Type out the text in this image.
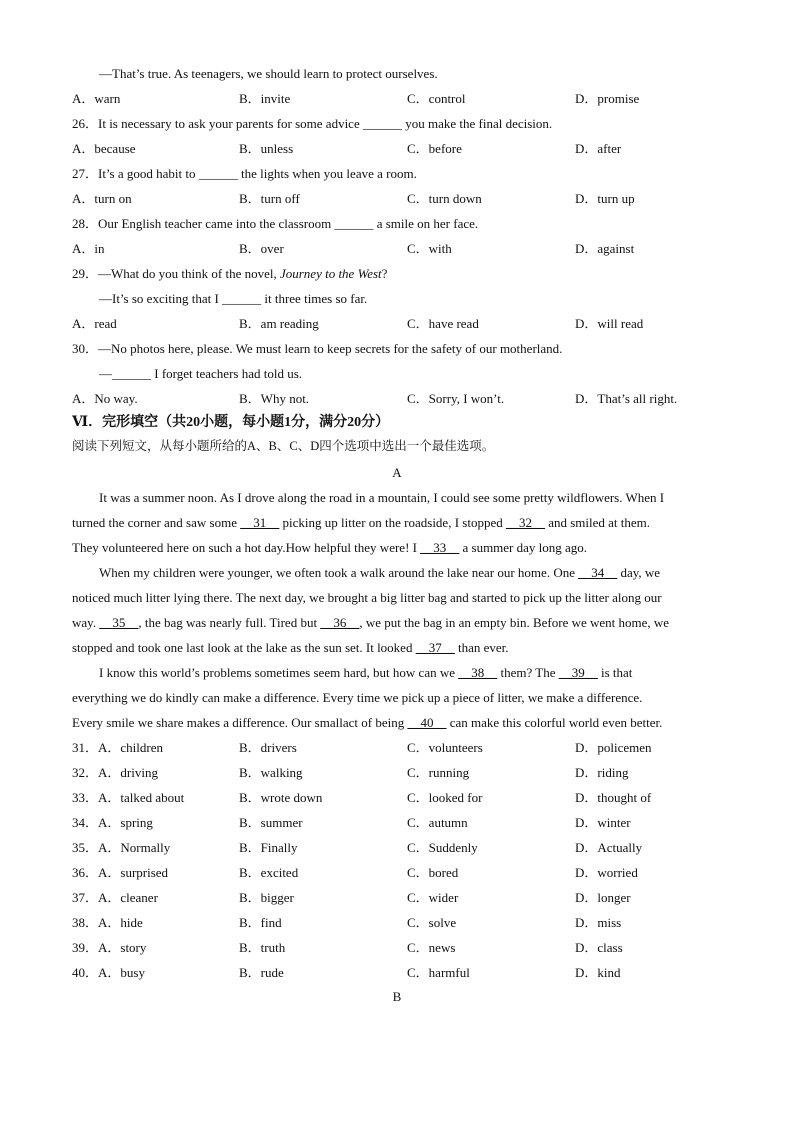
—That’s true. As teenagers, we should learn to protect ourselves.
A．warn	B．invite	C．control	D．promise
26．It is necessary to ask your parents for some advice ______ you make the final decision.
A．because	B．unless	C．before	D．after
27．It’s a good habit to ______ the lights when you leave a room.
A．turn on	B．turn off	C．turn down	D．turn up
28．Our English teacher came into the classroom ______ a smile on her face.
A．in	B．over	C．with	D．against
29．—What do you think of the novel, Journey to the West?
—It’s so exciting that I ______ it three times so far.
A．read	B．am reading	C．have read	D．will read
30．—No photos here, please. We must learn to keep secrets for the safety of our motherland.
—______ I forget teachers had told us.
A．No way.	B．Why not.	C．Sorry, I won’t.	D．That’s all right.
Ⅵ．完形填空（共20小题，每小题1分，满分20分）
阅读下列短文，从每小题所给的A、B、C、D四个选项中选出一个最佳选项。
A
It was a summer noon. As I drove along the road in a mountain, I could see some pretty wildflowers. When I
turned the corner and saw some __31__ picking up litter on the roadside, I stopped __32__ and smiled at them.
They volunteered here on such a hot day.How helpful they were! I __33__ a summer day long ago.
When my children were younger, we often took a walk around the lake near our home. One __34__ day, we
noticed much litter lying there. The next day, we brought a big litter bag and started to pick up the litter along our
way. __35__, the bag was nearly full. Tired but __36__, we put the bag in an empty bin. Before we went home, we
stopped and took one last look at the lake as the sun set. It looked __37__ than ever.
I know this world’s problems sometimes seem hard, but how can we __38__ them? The __39__ is that
everything we do kindly can make a difference. Every time we pick up a piece of litter, we make a difference.
Every smile we share makes a difference. Our smallact of being __40__ can make this colorful world even better.
31．A．children	B．drivers	C．volunteers	D．policemen
32．A．driving	B．walking	C．running	D．riding
33．A．talked about	B．wrote down	C．looked for	D．thought of
34．A．spring	B．summer	C．autumn	D．winter
35．A．Normally	B．Finally	C．Suddenly	D．Actually
36．A．surprised	B．excited	C．bored	D．worried
37．A．cleaner	B．bigger	C．wider	D．longer
38．A．hide	B．find	C．solve	D．miss
39．A．story	B．truth	C．news	D．class
40．A．busy	B．rude	C．harmful	D．kind
B
